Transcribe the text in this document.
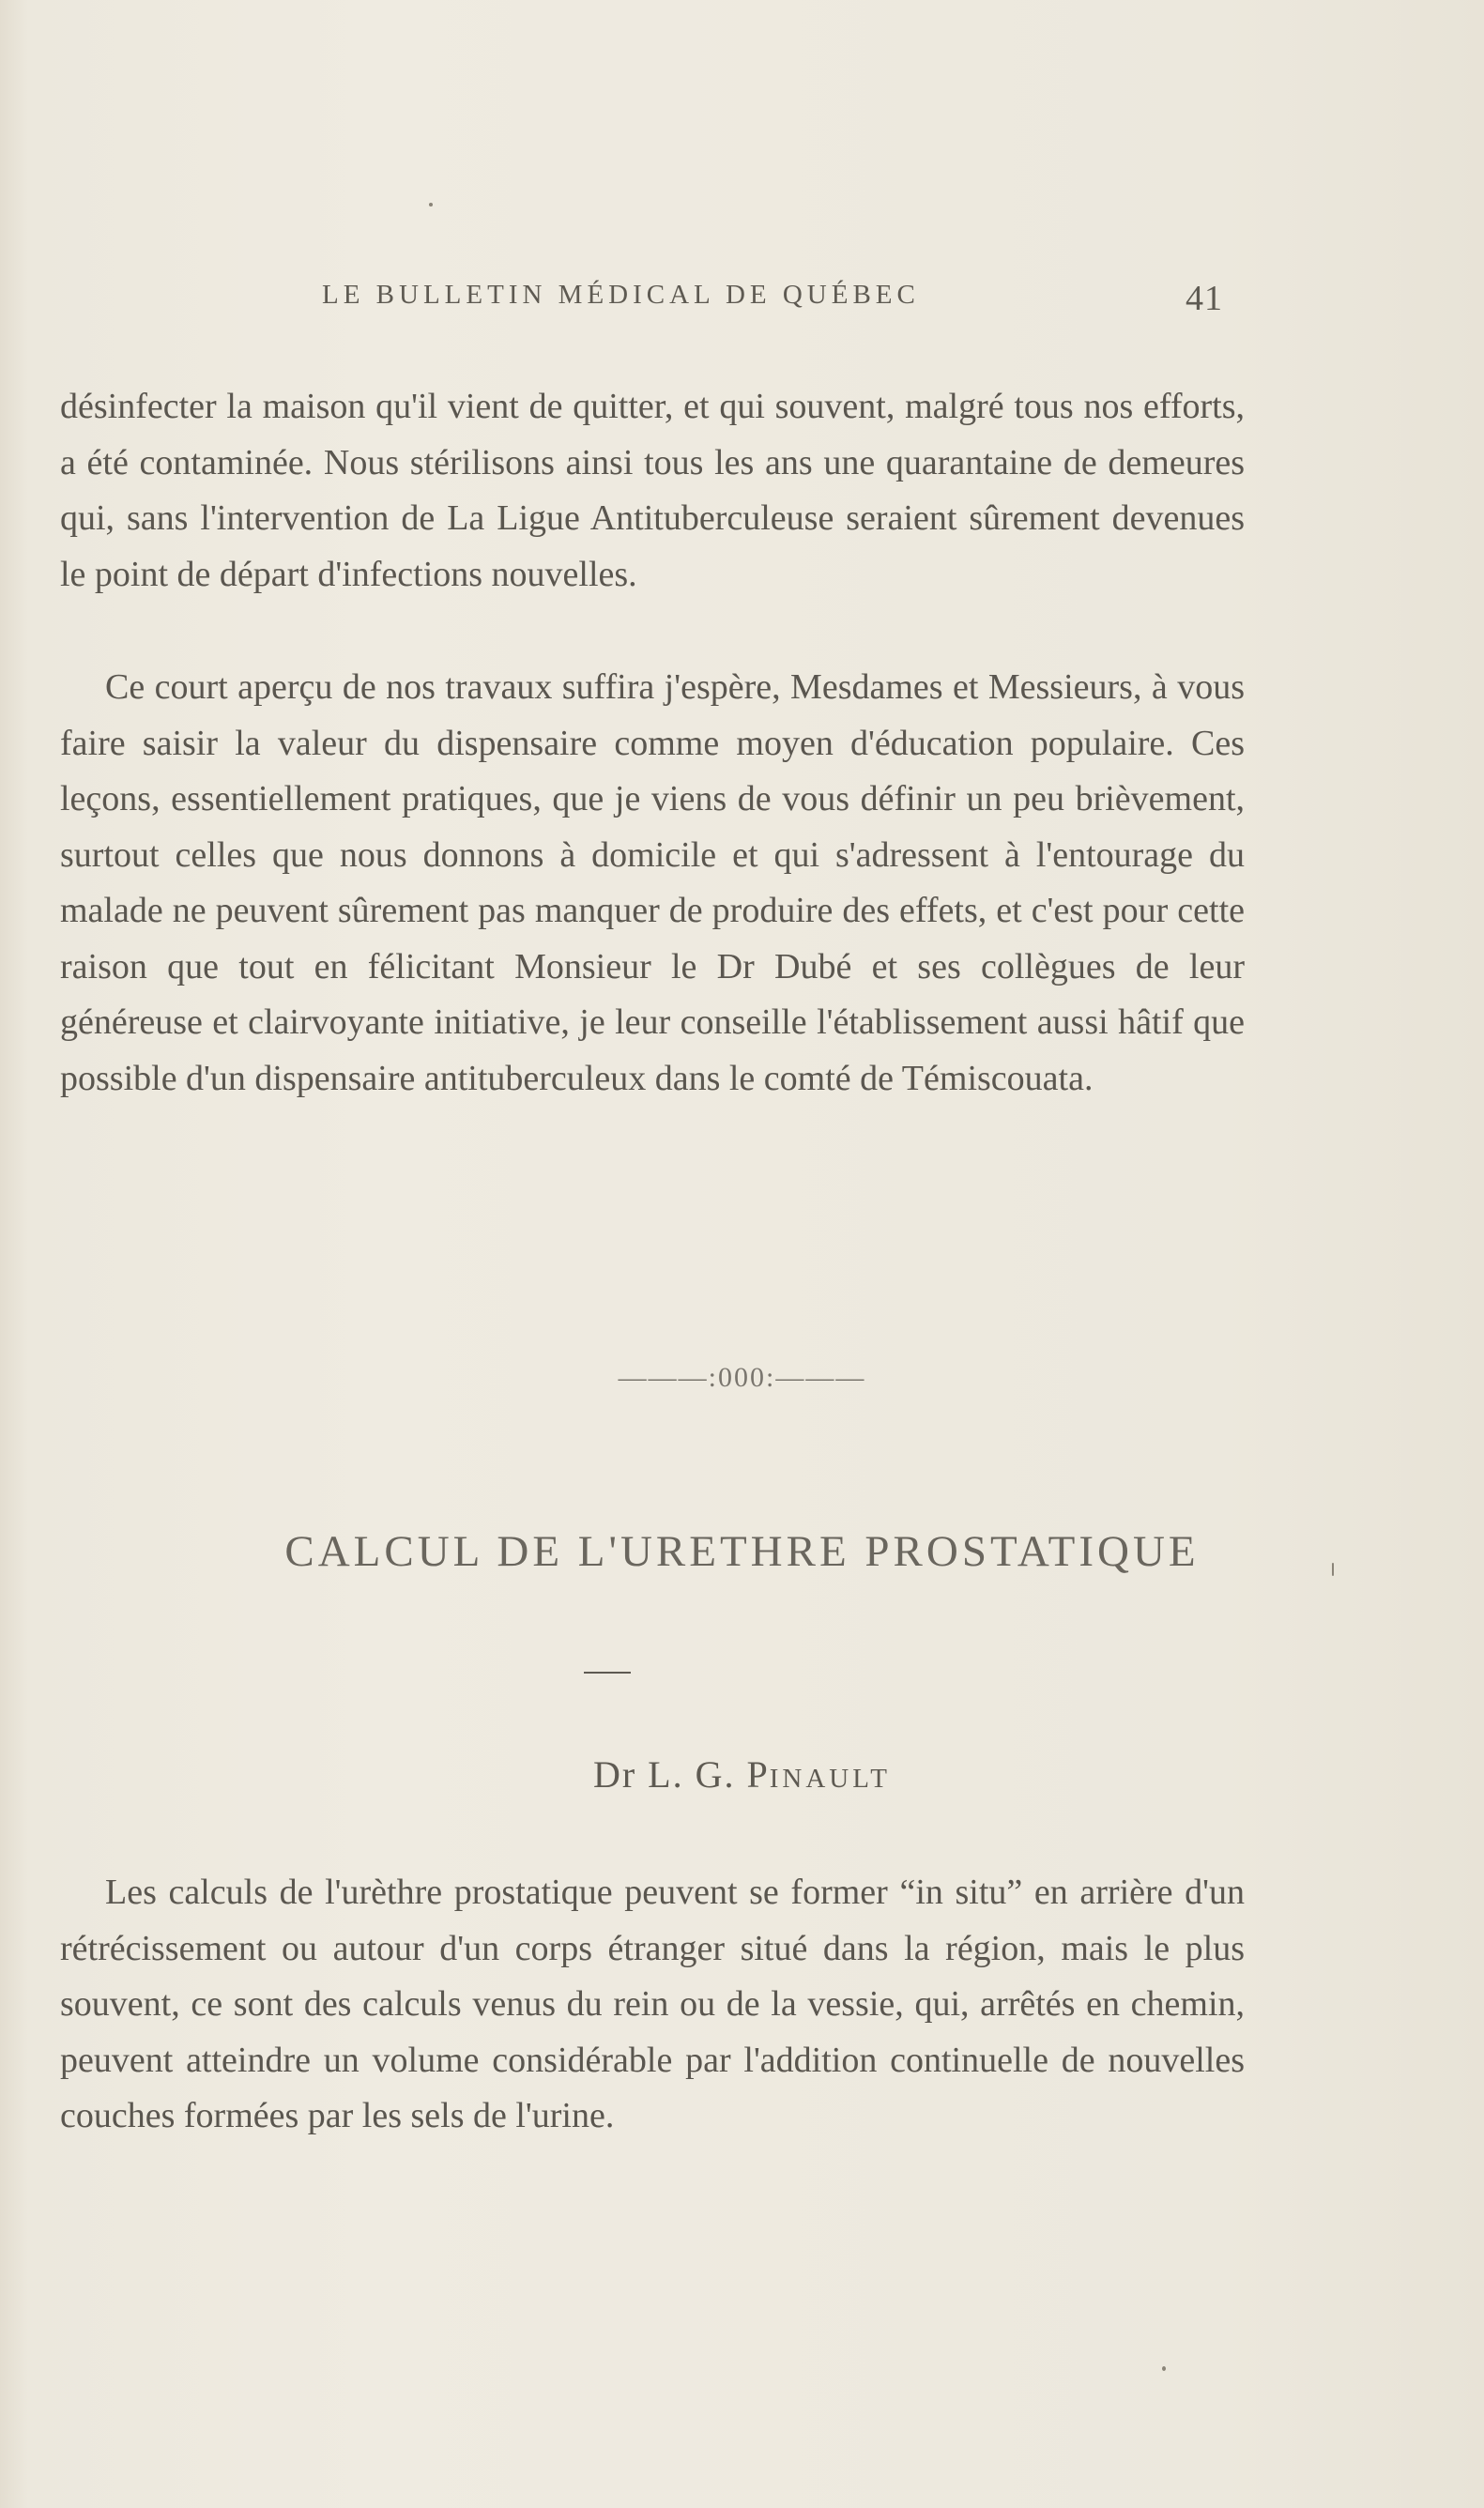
LE BULLETIN MÉDICAL DE QUÉBEC	41

désinfecter la maison qu'il vient de quitter, et qui souvent, malgré tous nos efforts, a été contaminée. Nous stérilisons ainsi tous les ans une quarantaine de demeures qui, sans l'intervention de La Ligue Antituberculeuse seraient sûrement devenues le point de départ d'infections nouvelles.

Ce court aperçu de nos travaux suffira j'espère, Mesdames et Messieurs, à vous faire saisir la valeur du dispensaire comme moyen d'éducation populaire. Ces leçons, essentiellement pratiques, que je viens de vous définir un peu brièvement, surtout celles que nous donnons à domicile et qui s'adressent à l'entourage du malade ne peuvent sûrement pas manquer de produire des effets, et c'est pour cette raison que tout en félicitant Monsieur le Dr Dubé et ses collègues de leur généreuse et clairvoyante initiative, je leur conseille l'établissement aussi hâtif que possible d'un dispensaire antituberculeux dans le comté de Témiscouata.

———:000:———
CALCUL DE L'URETHRE PROSTATIQUE
Dr L. G. PINAULT

Les calculs de l'urèthre prostatique peuvent se former “in situ” en arrière d'un rétrécissement ou autour d'un corps étranger situé dans la région, mais le plus souvent, ce sont des calculs venus du rein ou de la vessie, qui, arrêtés en chemin, peuvent atteindre un volume considérable par l'addition continuelle de nouvelles couches formées par les sels de l'urine.
